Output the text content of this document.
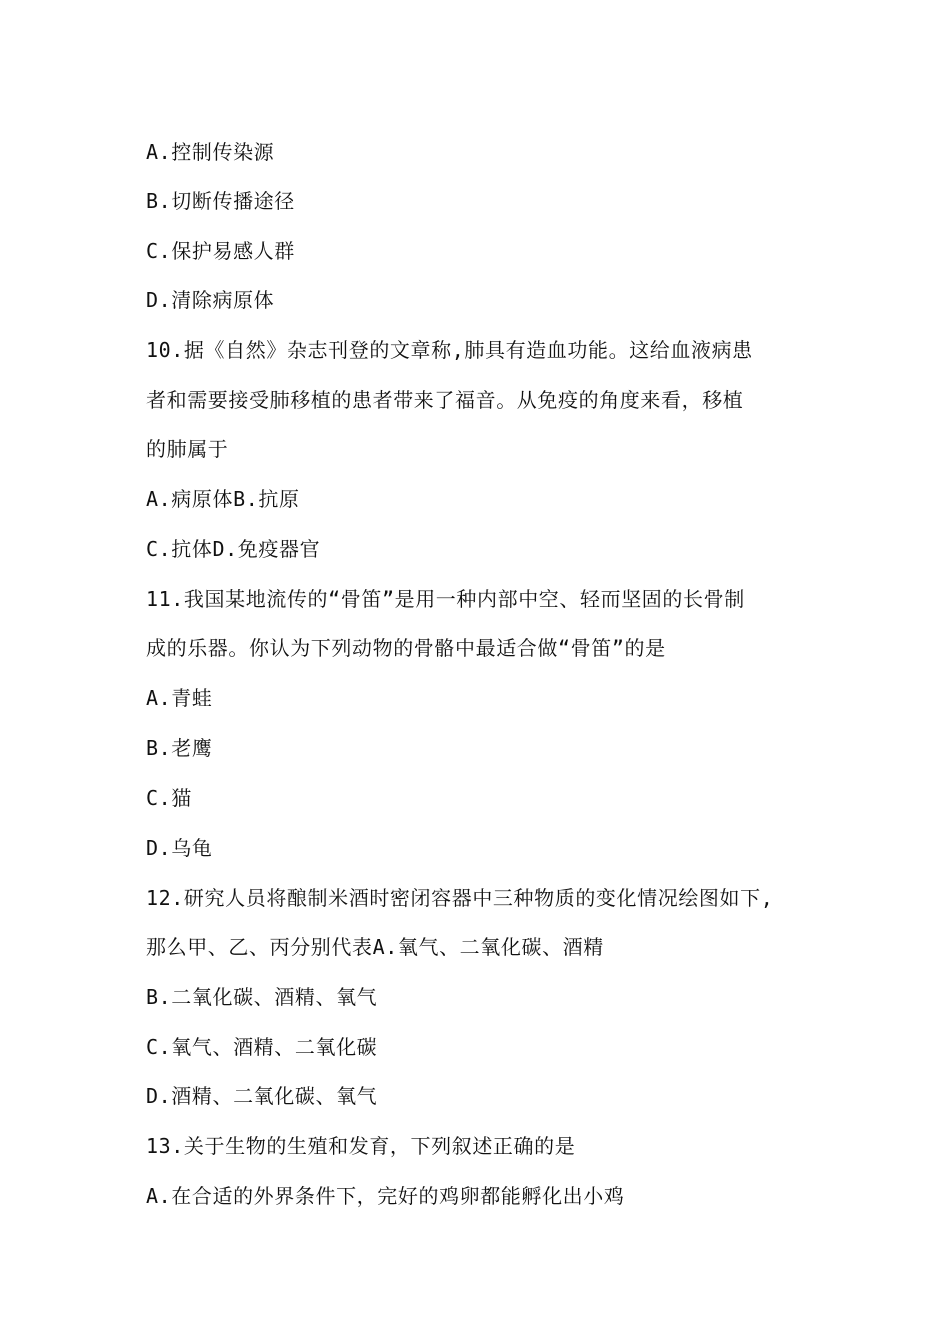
A.控制传染源
B.切断传播途径
C.保护易感人群
D.清除病原体
10.据《自然》杂志刊登的文章称,肺具有造血功能。这给血液病患
者和需要接受肺移植的患者带来了福音。从免疫的角度来看，移植
的肺属于
A.病原体B.抗原
C.抗体D.免疫器官
11.我国某地流传的“骨笛”是用一种内部中空、轻而坚固的长骨制
成的乐器。你认为下列动物的骨骼中最适合做“骨笛”的是
A.青蛙
B.老鹰
C.猫
D.乌龟
12.研究人员将酿制米酒时密闭容器中三种物质的变化情况绘图如下,
那么甲、乙、丙分别代表A.氧气、二氧化碳、酒精
B.二氧化碳、酒精、氧气
C.氧气、酒精、二氧化碳
D.酒精、二氧化碳、氧气
13.关于生物的生殖和发育，下列叙述正确的是
A.在合适的外界条件下，完好的鸡卵都能孵化出小鸡
